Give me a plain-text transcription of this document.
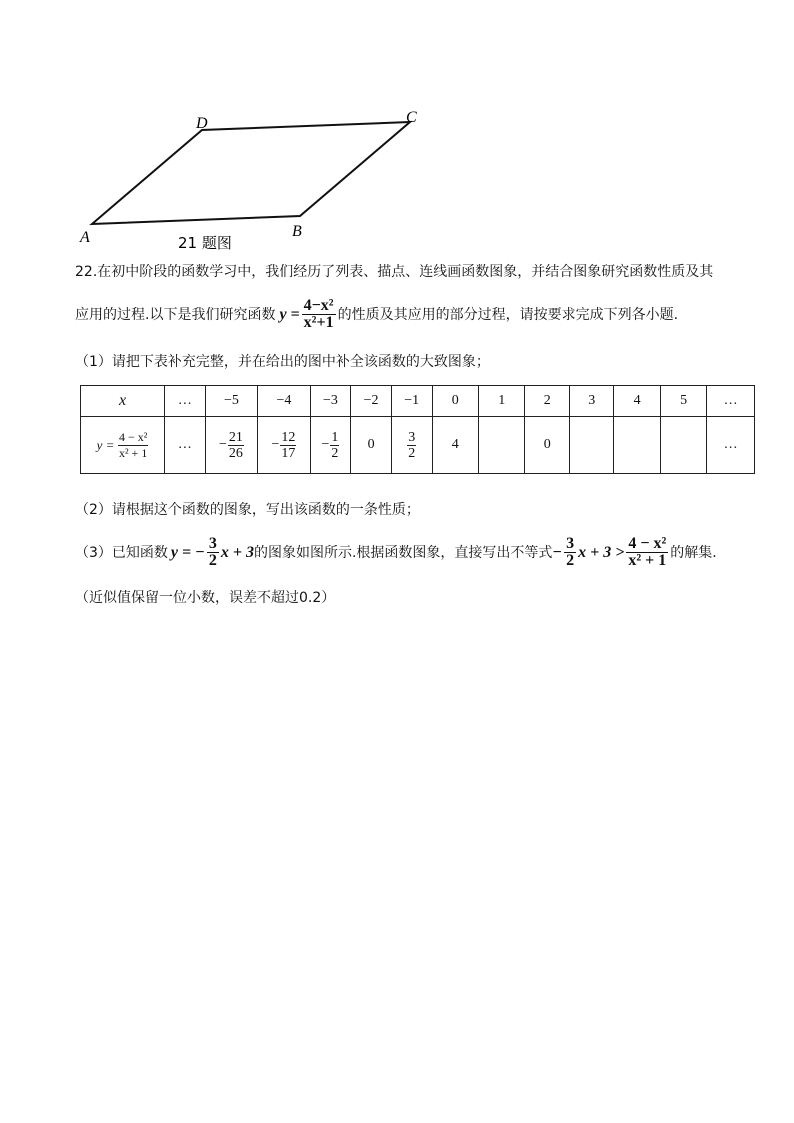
A	B
C
D
21 题图
22.在初中阶段的函数学习中，我们经历了列表、描点、连线画函数图象，并结合图象研究函数性质及其
应用的过程.以下是我们研究函数 $y = \frac{\text{4−x²}}{\text{x²+1}}$ 的性质及其应用的部分过程，请按要求完成下列各小题.
（1）请把下表补充完整，并在给出的图中补全该函数的大致图象；
x	…	−5	−4	−3	−2	−1	0	1	2	3	4	5	…
$y = \frac{\text{4 − x²}}{\text{x² + 1}}$	…	− $\frac{21}{26}$	− $\frac{12}{17}$	− $\frac{1}{2}$	0	$\frac{3}{2}$	4		0				…
（2）请根据这个函数的图象，写出该函数的一条性质；
（3）已知函数 y = − $\frac{3}{2}$ x + 3 的图象如图所示.根据函数图象，直接写出不等式 − $\frac{3}{2}$ $x + 3 > \frac{\text{4 − x²}}{\text{x² + 1}}$ 的解集.
（近似值保留一位小数，误差不超过0.2）
